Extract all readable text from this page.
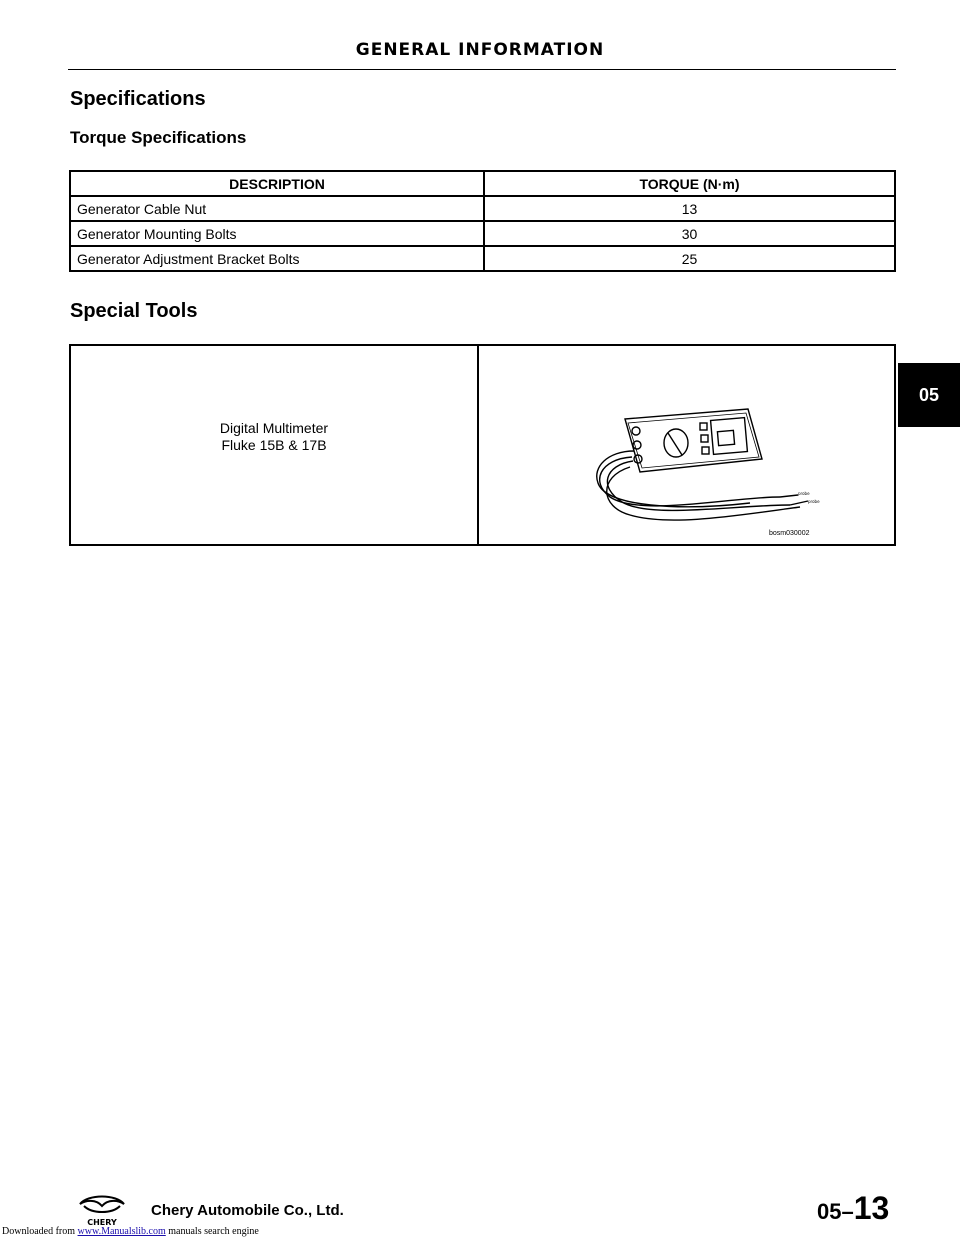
GENERAL INFORMATION
Specifications
Torque Specifications
DESCRIPTION	TORQUE (N·m)
Generator Cable Nut	13
Generator Mounting Bolts	30
Generator Adjustment Bracket Bolts	25
Special Tools
Digital Multimeter
Fluke 15B & 17B

probe
probe
bosm030002
05
CHERY
Chery Automobile Co., Ltd.	05–13
Downloaded from www.Manualslib.com manuals search engine
